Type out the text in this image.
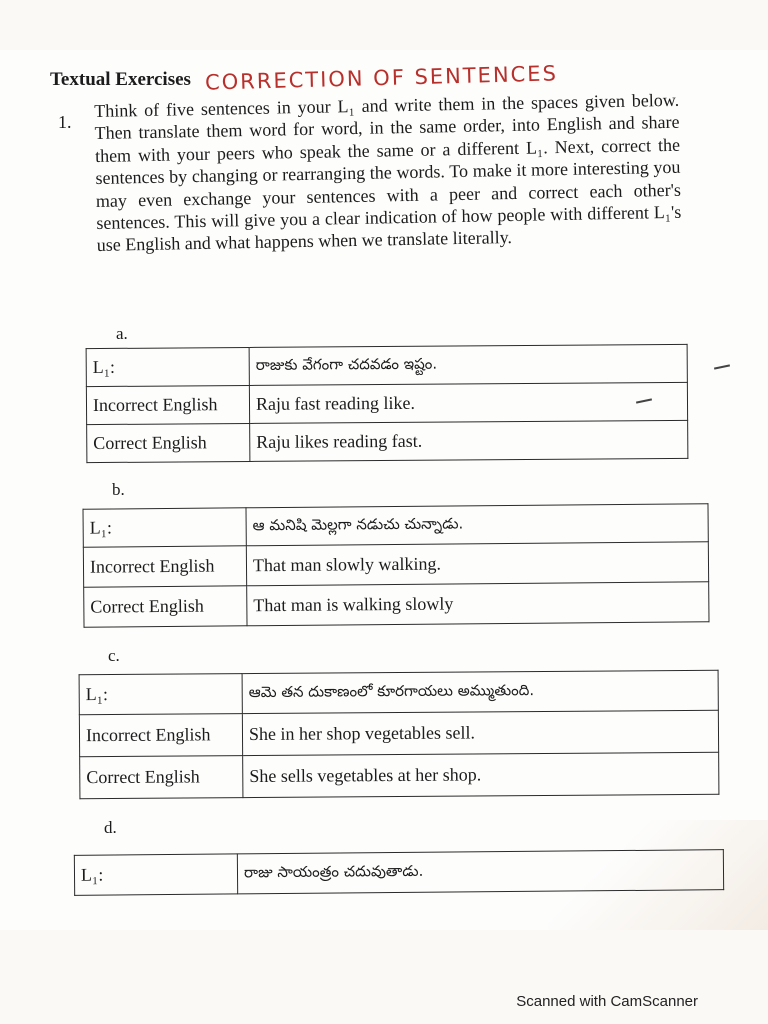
Textual Exercises CORRECTION OF SENTENCES
1.
Think of five sentences in your L₁ and write them in the spaces given below. Then translate them word for word, in the same order, into English and share them with your peers who speak the same or a different L₁. Next, correct the sentences by changing or rearranging the words. To make it more interesting you may even exchange your sentences with a peer and correct each other's sentences. This will give you a clear indication of how people with different L₁'s use English and what happens when we translate literally.
a.
L₁:	రాజుకు వేగంగా చదవడం ఇష్టం.
Incorrect English	Raju fast reading like.
Correct English	Raju likes reading fast.
b.
L₁:	ఆ మనిషి మెల్లగా నడుచు చున్నాడు.
Incorrect English	That man slowly walking.
Correct English	That man is walking slowly
c.
L₁:	ఆమె తన దుకాణంలో కూరగాయలు అమ్ముతుంది.
Incorrect English	She in her shop vegetables sell.
Correct English	She sells vegetables at her shop.
d.
L₁:	రాజు సాయంత్రం చదువుతాడు.
Scanned with CamScanner
